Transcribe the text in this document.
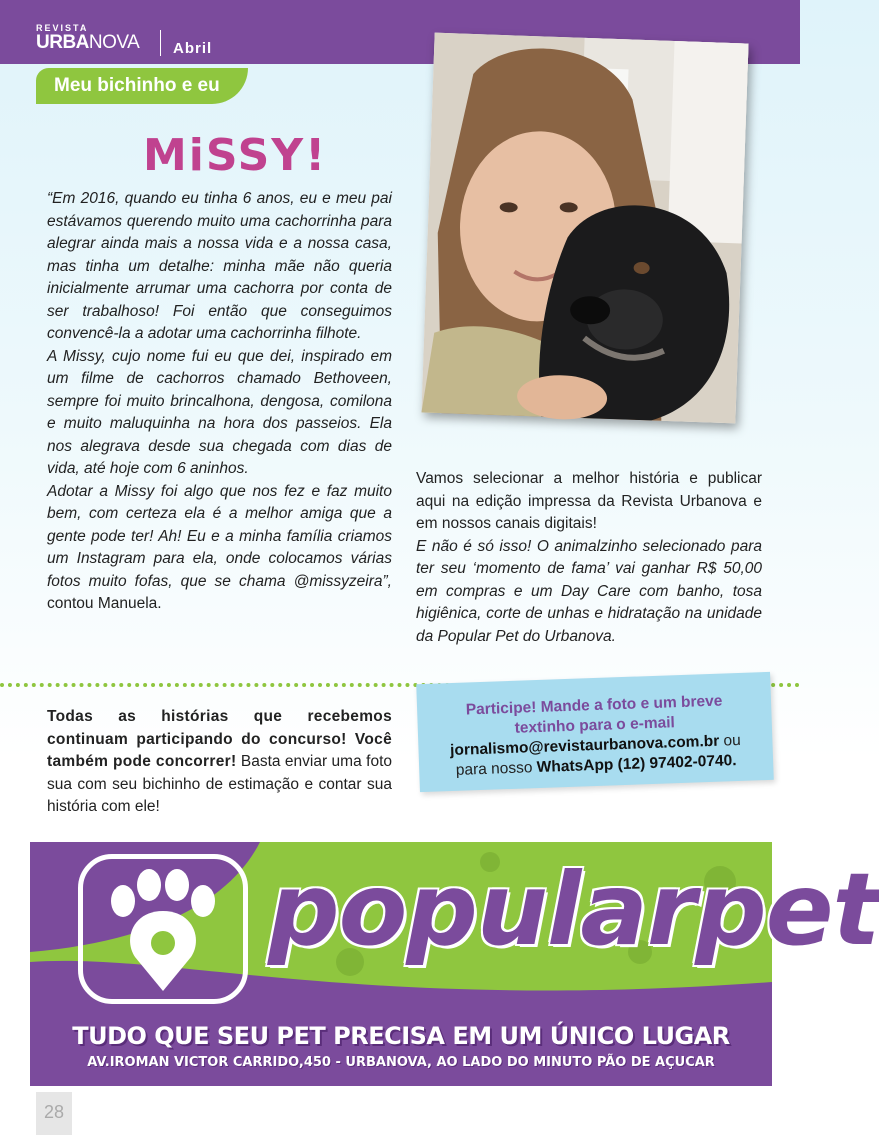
REVISTA
URBANOVA Abril
Meu bichinho e eu
MiSSY!

“Em 2016, quando eu tinha 6 anos, eu e meu pai estávamos querendo muito uma cachorrinha para alegrar ainda mais a nossa vida e a nossa casa, mas tinha um detalhe: minha mãe não queria inicialmente arrumar uma cachorra por conta de ser trabalhoso! Foi então que conseguimos convencê-la a adotar uma cachorrinha filhote.

A Missy, cujo nome fui eu que dei, inspirado em um filme de cachorros chamado Bethoveen, sempre foi muito brincalhona, dengosa, comilona e muito maluquinha na hora dos passeios. Ela nos alegrava desde sua chegada com dias de vida, até hoje com 6 aninhos.

Adotar a Missy foi algo que nos fez e faz muito bem, com certeza ela é a melhor amiga que a gente pode ter! Ah! Eu e a minha família criamos um Instagram para ela, onde colocamos várias fotos muito fofas, que se chama @missyzeira”, contou Manuela.

Vamos selecionar a melhor história e publicar aqui na edição impressa da Revista Urbanova e em nossos canais digitais!

E não é só isso! O animalzinho selecionado para ter seu ‘momento de fama’ vai ganhar R$ 50,00 em compras e um Day Care com banho, tosa higiênica, corte de unhas e hidratação na unidade da Popular Pet do Urbanova.

Todas as histórias que recebemos continuam participando do concurso! Você também pode concorrer! Basta enviar uma foto sua com seu bichinho de estimação e contar sua história com ele!
Participe! Mande a foto e um breve
textinho para o e-mail
jornalismo@revistaurbanova.com.br ou
para nosso WhatsApp (12) 97402-0740.
popularpet
TUDO QUE SEU PET PRECISA EM UM ÚNICO LUGAR
AV.IROMAN VICTOR CARRIDO,450 - URBANOVA, AO LADO DO MINUTO PÃO DE AÇUCAR
28
